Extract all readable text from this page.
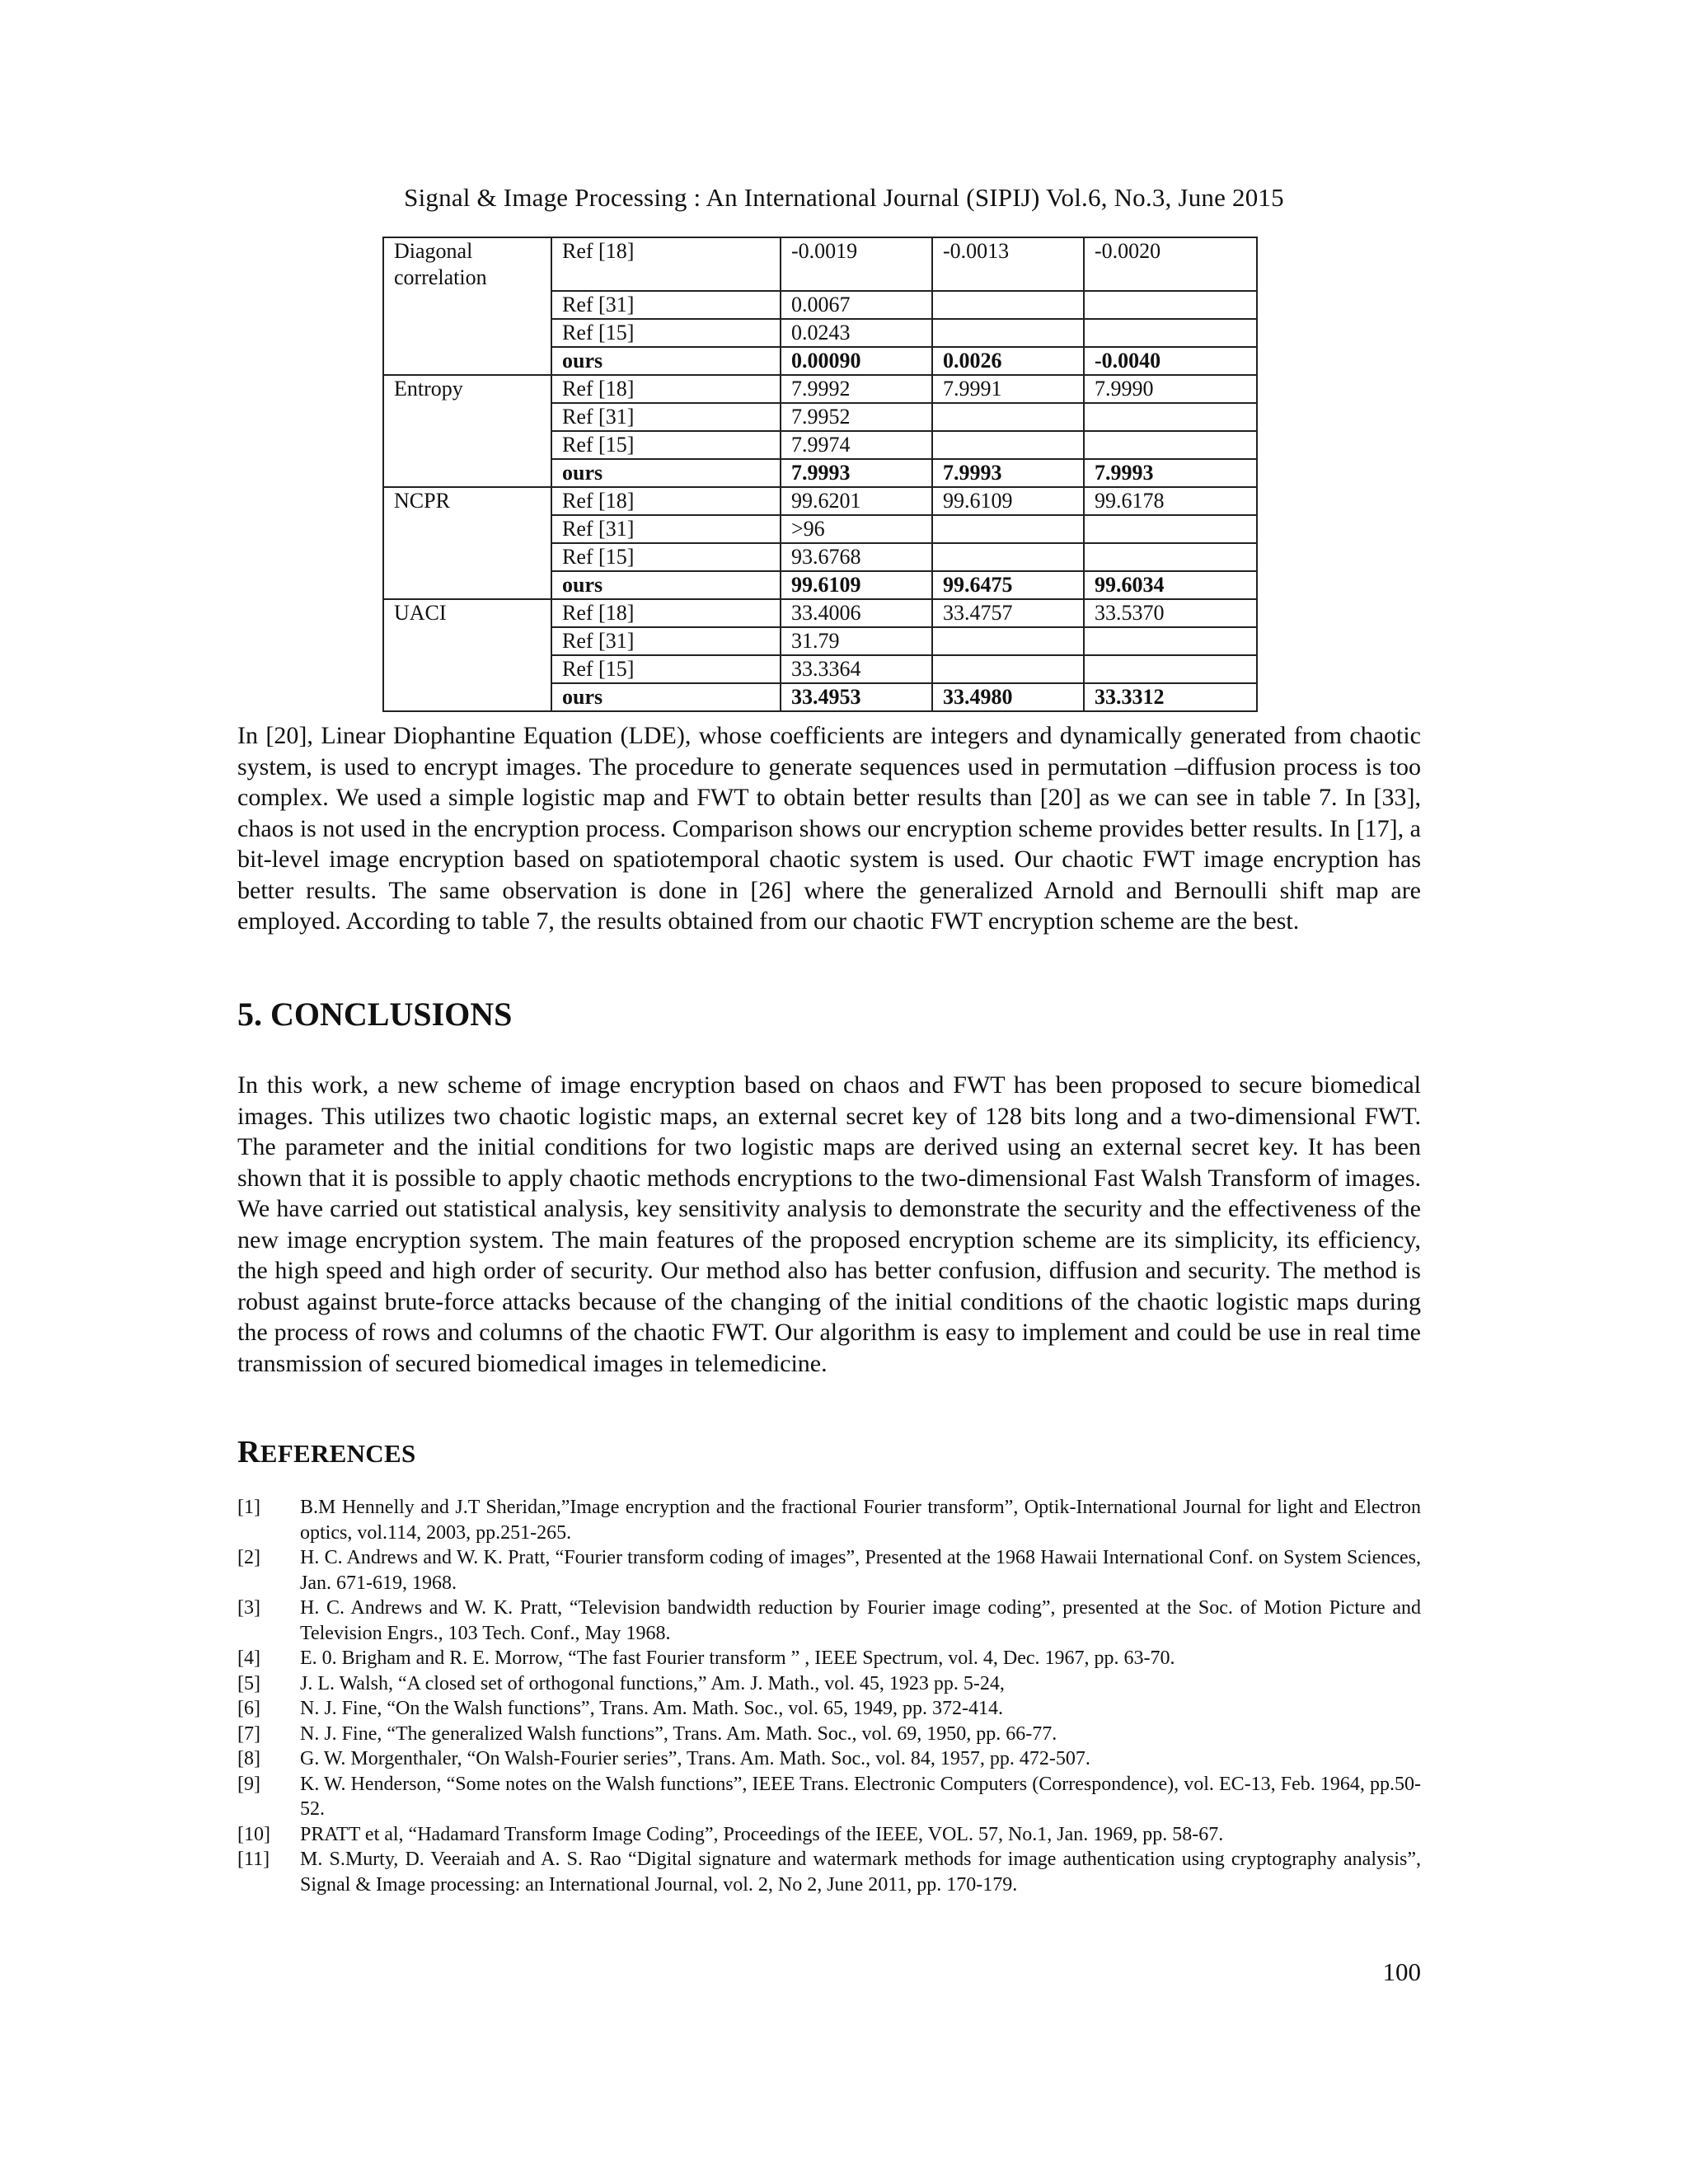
Signal & Image Processing : An International Journal (SIPIJ) Vol.6, No.3, June 2015
Diagonal correlation	Ref [18]	-0.0019	-0.0013	-0.0020
	Ref [31]	0.0067		
	Ref [15]	0.0243		
	ours	0.00090	0.0026	-0.0040
Entropy	Ref [18]	7.9992	7.9991	7.9990
	Ref [31]	7.9952		
	Ref [15]	7.9974		
	ours	7.9993	7.9993	7.9993
NCPR	Ref [18]	99.6201	99.6109	99.6178
	Ref [31]	>96		
	Ref [15]	93.6768		
	ours	99.6109	99.6475	99.6034
UACI	Ref [18]	33.4006	33.4757	33.5370
	Ref [31]	31.79		
	Ref [15]	33.3364		
	ours	33.4953	33.4980	33.3312
In [20], Linear Diophantine Equation (LDE), whose coefficients are integers and dynamically generated from chaotic system, is used to encrypt images. The procedure to generate sequences used in permutation –diffusion process is too complex. We used a simple logistic map and FWT to obtain better results than [20] as we can see in table 7. In [33], chaos is not used in the encryption process. Comparison shows our encryption scheme provides better results. In [17], a bit-level image encryption based on spatiotemporal chaotic system is used. Our chaotic FWT image encryption has better results. The same observation is done in [26] where the generalized Arnold and Bernoulli shift map are employed. According to table 7, the results obtained from our chaotic FWT encryption scheme are the best.
5. CONCLUSIONS
In this work, a new scheme of image encryption based on chaos and FWT has been proposed to secure biomedical images. This utilizes two chaotic logistic maps, an external secret key of 128 bits long and a two-dimensional FWT. The parameter and the initial conditions for two logistic maps are derived using an external secret key. It has been shown that it is possible to apply chaotic methods encryptions to the two-dimensional Fast Walsh Transform of images. We have carried out statistical analysis, key sensitivity analysis to demonstrate the security and the effectiveness of the new image encryption system. The main features of the proposed encryption scheme are its simplicity, its efficiency, the high speed and high order of security. Our method also has better confusion, diffusion and security. The method is robust against brute-force attacks because of the changing of the initial conditions of the chaotic logistic maps during the process of rows and columns of the chaotic FWT. Our algorithm is easy to implement and could be use in real time transmission of secured biomedical images in telemedicine.
REFERENCES
[1]	B.M Hennelly and J.T Sheridan,”Image encryption and the fractional Fourier transform”, Optik-International Journal for light and Electron optics, vol.114, 2003, pp.251-265.
[2]	H. C. Andrews and W. K. Pratt, “Fourier transform coding of images”, Presented at the 1968 Hawaii International Conf. on System Sciences, Jan. 671-619, 1968.
[3]	H. C. Andrews and W. K. Pratt, “Television bandwidth reduction by Fourier image coding”, presented at the Soc. of Motion Picture and Television Engrs., 103 Tech. Conf., May 1968.
[4]	E. 0. Brigham and R. E. Morrow, “The fast Fourier transform ” , IEEE Spectrum, vol. 4, Dec. 1967, pp. 63-70.
[5]	J. L. Walsh, “A closed set of orthogonal functions,” Am. J. Math., vol. 45, 1923 pp. 5-24,
[6]	N. J. Fine, “On the Walsh functions”, Trans. Am. Math. Soc., vol. 65, 1949, pp. 372-414.
[7]	N. J. Fine, “The generalized Walsh functions”, Trans. Am. Math. Soc., vol. 69, 1950, pp. 66-77.
[8]	G. W. Morgenthaler, “On Walsh-Fourier series”, Trans. Am. Math. Soc., vol. 84, 1957, pp. 472-507.
[9]	K. W. Henderson, “Some notes on the Walsh functions”, IEEE Trans. Electronic Computers (Correspondence), vol. EC-13, Feb. 1964, pp.50-52.
[10]	PRATT et al, “Hadamard Transform Image Coding”, Proceedings of the IEEE, VOL. 57, No.1, Jan. 1969, pp. 58-67.
[11]	M. S.Murty, D. Veeraiah and A. S. Rao “Digital signature and watermark methods for image authentication using cryptography analysis”, Signal & Image processing: an International Journal, vol. 2, No 2, June 2011, pp. 170-179.
100
